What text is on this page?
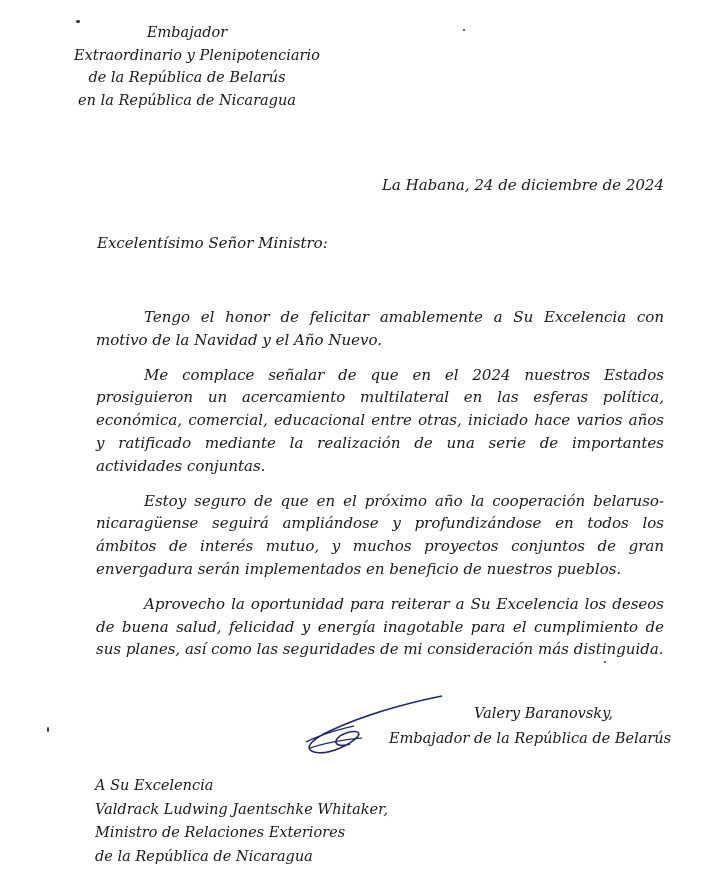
Embajador
Extraordinario y Plenipotenciario
de la República de Belarús
en la República de Nicaragua
La Habana, 24 de diciembre de 2024
Excelentísimo Señor Ministro:

Tengo el honor de felicitar amablemente a Su Excelencia con motivo de la Navidad y el Año Nuevo.

Me complace señalar de que en el 2024 nuestros Estados prosiguieron un acercamiento multilateral en las esferas política, económica, comercial, educacional entre otras, iniciado hace varios años y ratificado mediante la realización de una serie de importantes actividades conjuntas.

Estoy seguro de que en el próximo año la cooperación belaruso-nicaragüense seguirá ampliándose y profundizándose en todos los ámbitos de interés mutuo, y muchos proyectos conjuntos de gran envergadura serán implementados en beneficio de nuestros pueblos.

Aprovecho la oportunidad para reiterar a Su Excelencia los deseos de buena salud, felicidad y energía inagotable para el cumplimiento de sus planes, así como las seguridades de mi consideración más distinguida.

Valery Baranovsky,
Embajador de la República de Belarús
A Su Excelencia
Valdrack Ludwing Jaentschke Whitaker,
Ministro de Relaciones Exteriores
de la República de Nicaragua
